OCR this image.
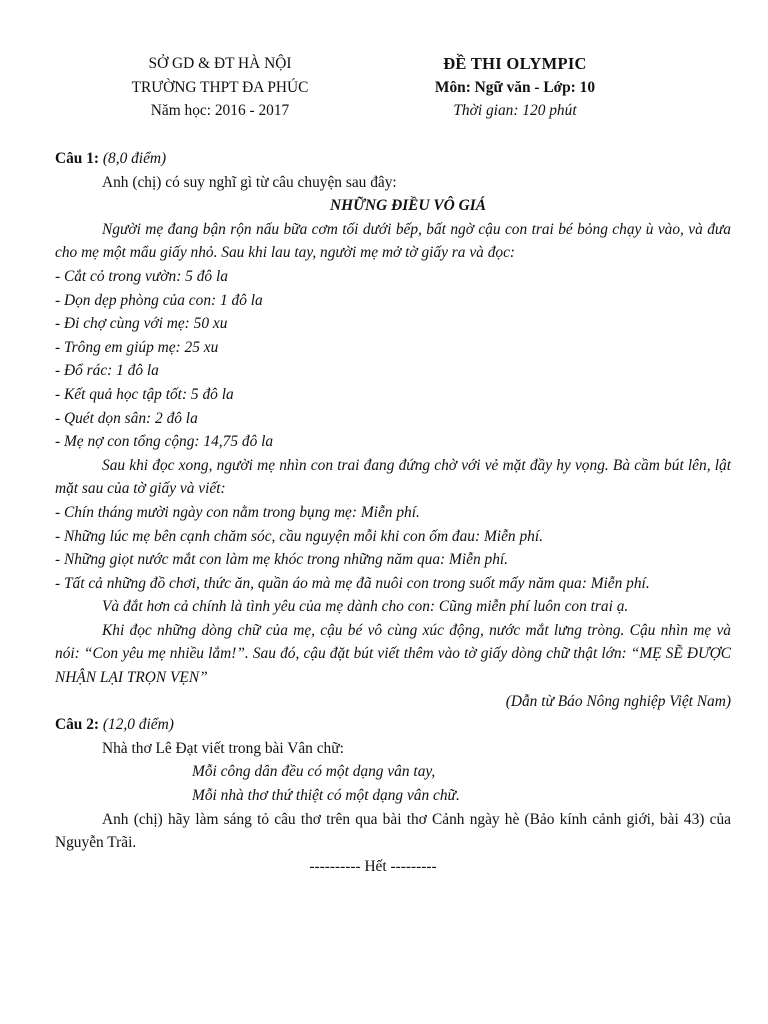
SỞ GD & ĐT HÀ NỘI
TRƯỜNG THPT ĐA PHÚC
Năm học: 2016 - 2017
ĐỀ THI OLYMPIC
Môn: Ngữ văn - Lớp: 10
Thời gian: 120 phút

Câu 1: (8,0 điểm)

Anh (chị) có suy nghĩ gì từ câu chuyện sau đây:

NHỮNG ĐIỀU VÔ GIÁ

Người mẹ đang bận rộn nấu bữa cơm tối dưới bếp, bất ngờ cậu con trai bé bỏng chạy ù vào, và đưa cho mẹ một mẩu giấy nhỏ. Sau khi lau tay, người mẹ mở tờ giấy ra và đọc:

- Cắt cỏ trong vườn: 5 đô la

- Dọn dẹp phòng của con: 1 đô la

- Đi chợ cùng với mẹ: 50 xu

- Trông em giúp mẹ: 25 xu

- Đổ rác: 1 đô la

- Kết quả học tập tốt: 5 đô la

- Quét dọn sân: 2 đô la

- Mẹ nợ con tổng cộng: 14,75 đô la

Sau khi đọc xong, người mẹ nhìn con trai đang đứng chờ với vẻ mặt đầy hy vọng. Bà cầm bút lên, lật mặt sau của tờ giấy và viết:

- Chín tháng mười ngày con nằm trong bụng mẹ: Miễn phí.

- Những lúc mẹ bên cạnh chăm sóc, cầu nguyện mỗi khi con ốm đau: Miễn phí.

- Những giọt nước mắt con làm mẹ khóc trong những năm qua: Miễn phí.

- Tất cả những đồ chơi, thức ăn, quần áo mà mẹ đã nuôi con trong suốt mấy năm qua: Miễn phí.

Và đắt hơn cả chính là tình yêu của mẹ dành cho con: Cũng miễn phí luôn con trai ạ.

Khi đọc những dòng chữ của mẹ, cậu bé vô cùng xúc động, nước mắt lưng tròng. Cậu nhìn mẹ và nói: “Con yêu mẹ nhiều lắm!”. Sau đó, cậu đặt bút viết thêm vào tờ giấy dòng chữ thật lớn: “MẸ SẼ ĐƯỢC NHẬN LẠI TRỌN VẸN”

(Dẫn từ Báo Nông nghiệp Việt Nam)

Câu 2: (12,0 điểm)

Nhà thơ Lê Đạt viết trong bài Vân chữ:

Mỗi công dân đều có một dạng vân tay,

Mỗi nhà thơ thứ thiệt có một dạng vân chữ.

Anh (chị) hãy làm sáng tỏ câu thơ trên qua bài thơ Cảnh ngày hè (Bảo kính cảnh giới, bài 43) của Nguyễn Trãi.

---------- Hết ---------
